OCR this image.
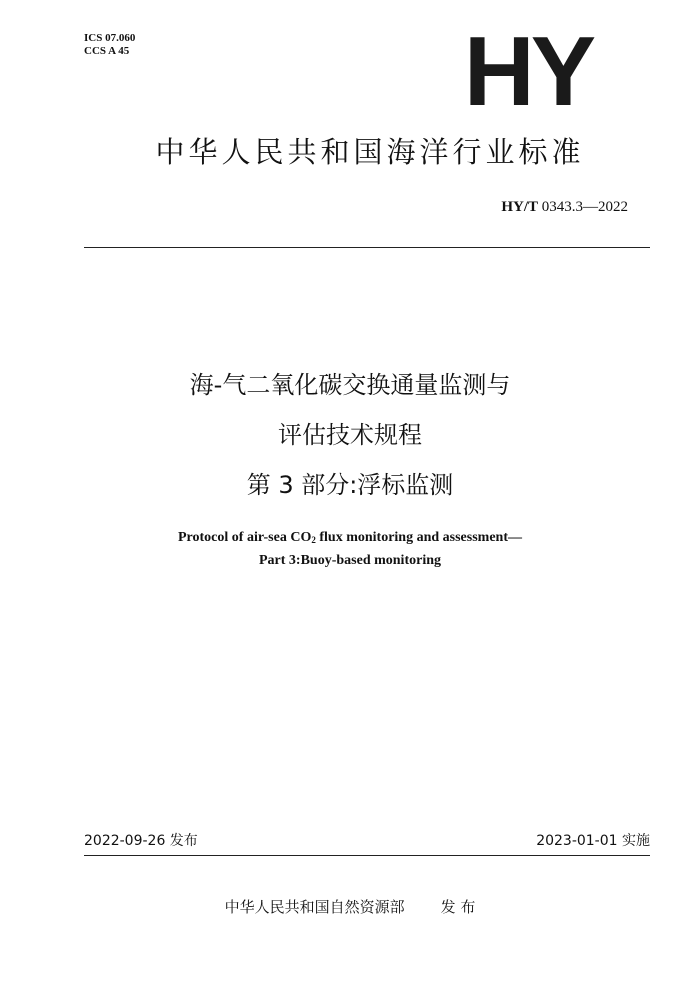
ICS 07.060
CCS A 45	HY
中华人民共和国海洋行业标准
HY/T 0343.3—2022
海-气二氧化碳交换通量监测与
评估技术规程
第 3 部分:浮标监测
Protocol of air-sea $CO_2$ flux monitoring and assessment—
Part 3:Buoy-based monitoring
2022-09-26 发布	2023-01-01 实施
中华人民共和国自然资源部 发 布
